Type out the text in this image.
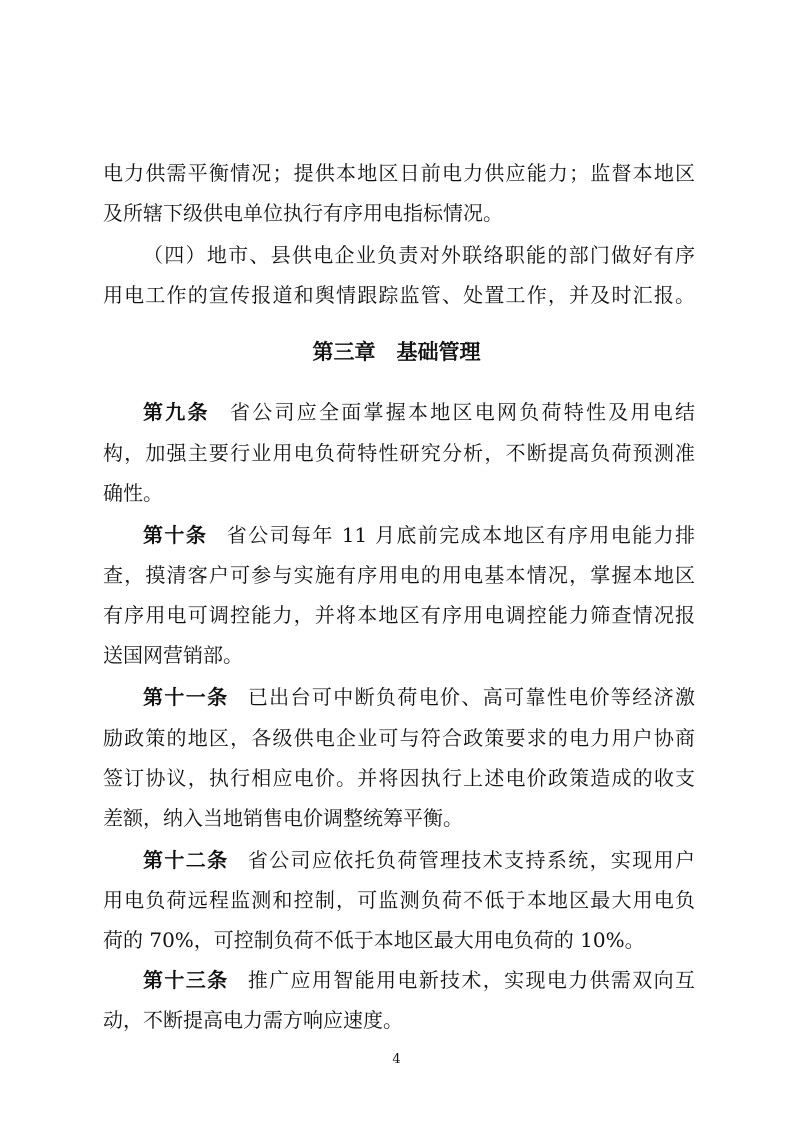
电力供需平衡情况；提供本地区日前电力供应能力；监督本地区
及所辖下级供电单位执行有序用电指标情况。
（四）地市、县供电企业负责对外联络职能的部门做好有序
用电工作的宣传报道和舆情跟踪监管、处置工作，并及时汇报。
第三章　基础管理
第九条 省公司应全面掌握本地区电网负荷特性及用电结
构，加强主要行业用电负荷特性研究分析，不断提高负荷预测准
确性。
第十条 省公司每年 11 月底前完成本地区有序用电能力排
查，摸清客户可参与实施有序用电的用电基本情况，掌握本地区
有序用电可调控能力，并将本地区有序用电调控能力筛查情况报
送国网营销部。
第十一条 已出台可中断负荷电价、高可靠性电价等经济激
励政策的地区，各级供电企业可与符合政策要求的电力用户协商
签订协议，执行相应电价。并将因执行上述电价政策造成的收支
差额，纳入当地销售电价调整统筹平衡。
第十二条 省公司应依托负荷管理技术支持系统，实现用户
用电负荷远程监测和控制，可监测负荷不低于本地区最大用电负
荷的 70%，可控制负荷不低于本地区最大用电负荷的 10%。
第十三条 推广应用智能用电新技术，实现电力供需双向互
4
动，不断提高电力需方响应速度。
